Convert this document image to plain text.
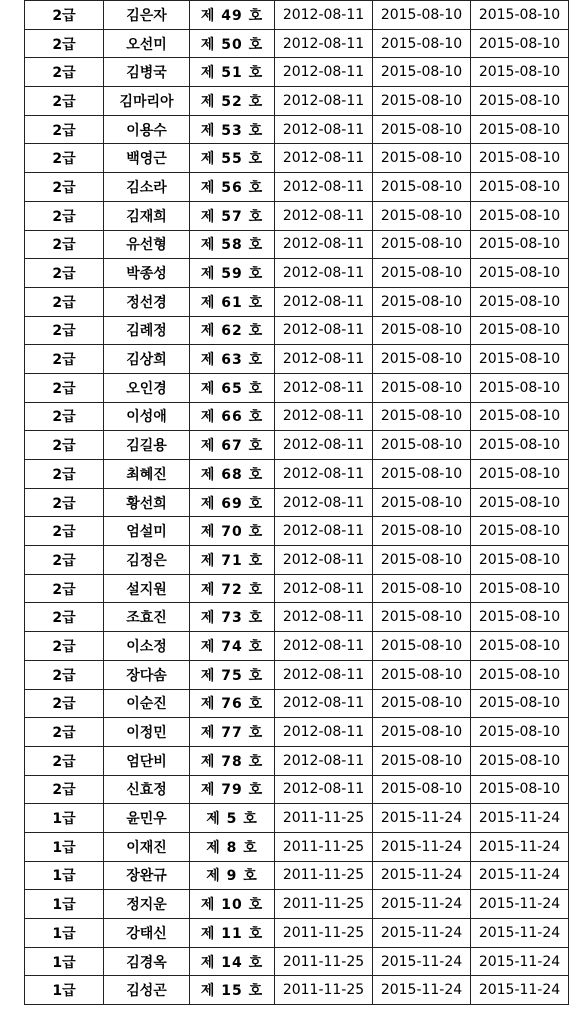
2급	김은자	제 49 호	2012-08-11	2015-08-10	2015-08-10
2급	오선미	제 50 호	2012-08-11	2015-08-10	2015-08-10
2급	김병국	제 51 호	2012-08-11	2015-08-10	2015-08-10
2급	김마리아	제 52 호	2012-08-11	2015-08-10	2015-08-10
2급	이용수	제 53 호	2012-08-11	2015-08-10	2015-08-10
2급	백영근	제 55 호	2012-08-11	2015-08-10	2015-08-10
2급	김소라	제 56 호	2012-08-11	2015-08-10	2015-08-10
2급	김재희	제 57 호	2012-08-11	2015-08-10	2015-08-10
2급	유선형	제 58 호	2012-08-11	2015-08-10	2015-08-10
2급	박종성	제 59 호	2012-08-11	2015-08-10	2015-08-10
2급	정선경	제 61 호	2012-08-11	2015-08-10	2015-08-10
2급	김례정	제 62 호	2012-08-11	2015-08-10	2015-08-10
2급	김상희	제 63 호	2012-08-11	2015-08-10	2015-08-10
2급	오인경	제 65 호	2012-08-11	2015-08-10	2015-08-10
2급	이성애	제 66 호	2012-08-11	2015-08-10	2015-08-10
2급	김길용	제 67 호	2012-08-11	2015-08-10	2015-08-10
2급	최혜진	제 68 호	2012-08-11	2015-08-10	2015-08-10
2급	황선희	제 69 호	2012-08-11	2015-08-10	2015-08-10
2급	엄설미	제 70 호	2012-08-11	2015-08-10	2015-08-10
2급	김정은	제 71 호	2012-08-11	2015-08-10	2015-08-10
2급	설지원	제 72 호	2012-08-11	2015-08-10	2015-08-10
2급	조효진	제 73 호	2012-08-11	2015-08-10	2015-08-10
2급	이소정	제 74 호	2012-08-11	2015-08-10	2015-08-10
2급	장다솜	제 75 호	2012-08-11	2015-08-10	2015-08-10
2급	이순진	제 76 호	2012-08-11	2015-08-10	2015-08-10
2급	이정민	제 77 호	2012-08-11	2015-08-10	2015-08-10
2급	엄단비	제 78 호	2012-08-11	2015-08-10	2015-08-10
2급	신효정	제 79 호	2012-08-11	2015-08-10	2015-08-10
1급	윤민우	제 5 호	2011-11-25	2015-11-24	2015-11-24
1급	이재진	제 8 호	2011-11-25	2015-11-24	2015-11-24
1급	장완규	제 9 호	2011-11-25	2015-11-24	2015-11-24
1급	정지운	제 10 호	2011-11-25	2015-11-24	2015-11-24
1급	강태신	제 11 호	2011-11-25	2015-11-24	2015-11-24
1급	김경옥	제 14 호	2011-11-25	2015-11-24	2015-11-24
1급	김성곤	제 15 호	2011-11-25	2015-11-24	2015-11-24
